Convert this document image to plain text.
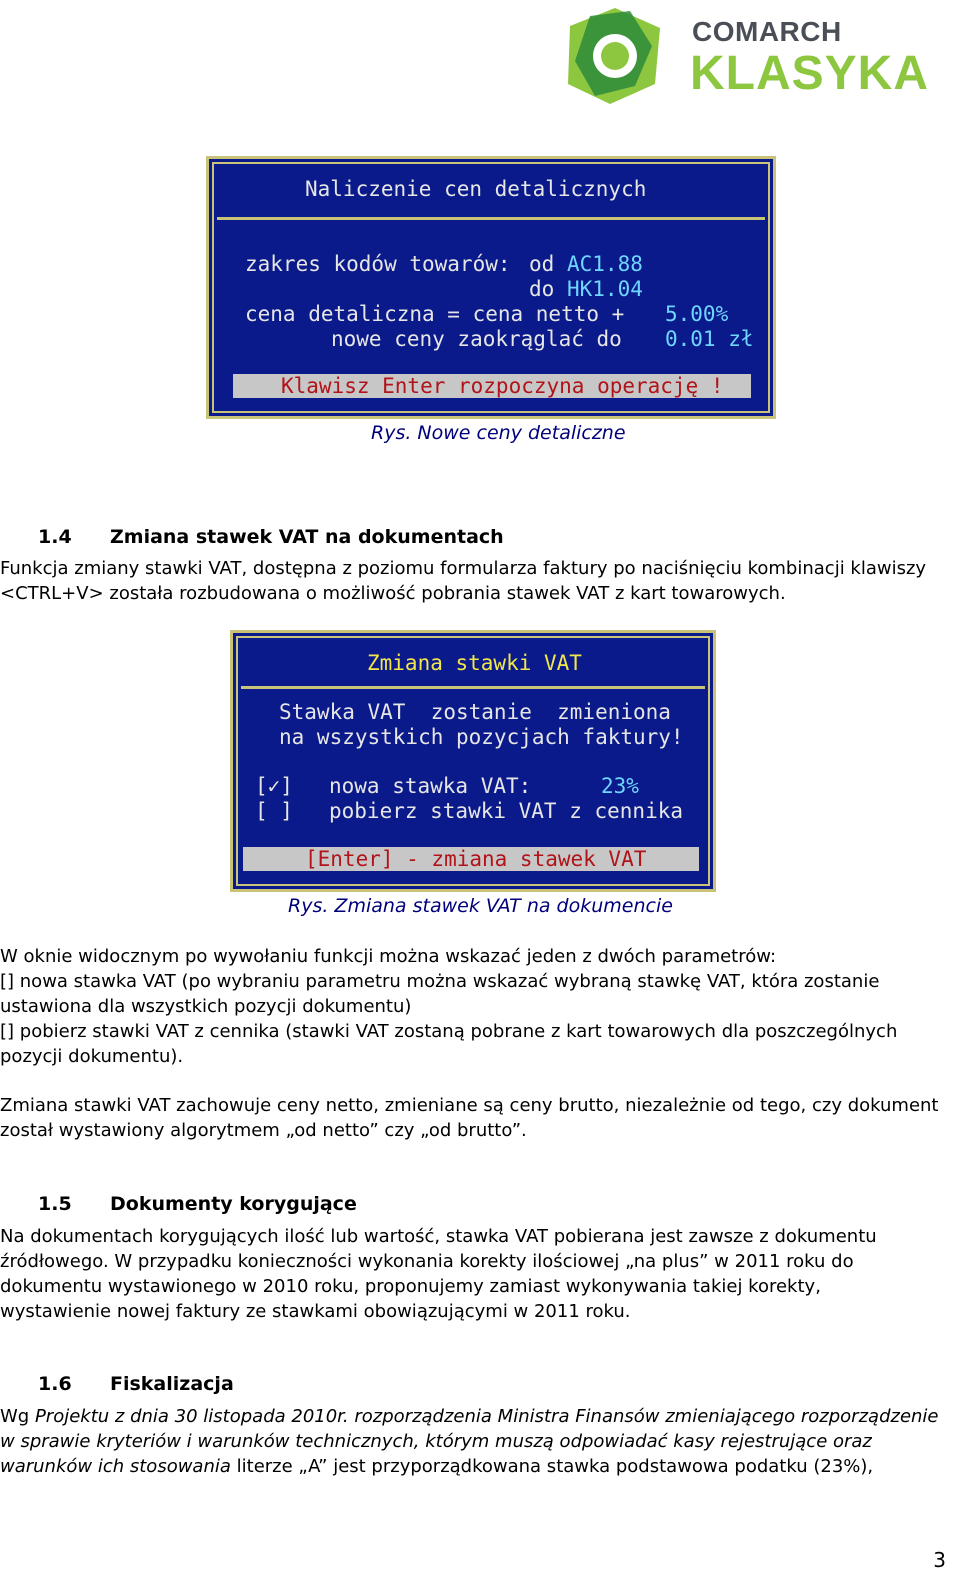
COMARCH
KLASYKA
Naliczenie cen detalicznych
zakres kodów towarów: od AC1.88
do HK1.04
cena detaliczna = cena netto + 5.00%
nowe ceny zaokrąglać do 0.01 zł
Klawisz Enter rozpoczyna operację !
Rys. Nowe ceny detaliczne
1.4 Zmiana stawek VAT na dokumentach
Funkcja zmiany stawki VAT, dostępna z poziomu formularza faktury po naciśnięciu kombinacji klawiszy
<CTRL+V> została rozbudowana o możliwość pobrania stawek VAT z kart towarowych.
Zmiana stawki VAT
Stawka VAT  zostanie  zmieniona
na wszystkich pozycjach faktury!
[✓] nowa stawka VAT:	23%
[ ] pobierz stawki VAT z cennika
[Enter] - zmiana stawek VAT
Rys. Zmiana stawek VAT na dokumencie
W oknie widocznym po wywołaniu funkcji można wskazać jeden z dwóch parametrów:
[] nowa stawka VAT (po wybraniu parametru można wskazać wybraną stawkę VAT, która zostanie
ustawiona dla wszystkich pozycji dokumentu)
[] pobierz stawki VAT z cennika (stawki VAT zostaną pobrane z kart towarowych dla poszczególnych
pozycji dokumentu).
Zmiana stawki VAT zachowuje ceny netto, zmieniane są ceny brutto, niezależnie od tego, czy dokument
został wystawiony algorytmem „od netto” czy „od brutto”.
1.5 Dokumenty korygujące
Na dokumentach korygujących ilość lub wartość, stawka VAT pobierana jest zawsze z dokumentu
źródłowego. W przypadku konieczności wykonania korekty ilościowej „na plus” w 2011 roku do
dokumentu wystawionego w 2010 roku, proponujemy zamiast wykonywania takiej korekty,
wystawienie nowej faktury ze stawkami obowiązującymi w 2011 roku.
1.6 Fiskalizacja
Wg Projektu z dnia 30 listopada 2010r. rozporządzenia Ministra Finansów zmieniającego rozporządzenie
w sprawie kryteriów i warunków technicznych, którym muszą odpowiadać kasy rejestrujące oraz
warunków ich stosowania literze „A” jest przyporządkowana stawka podstawowa podatku (23%),
3
